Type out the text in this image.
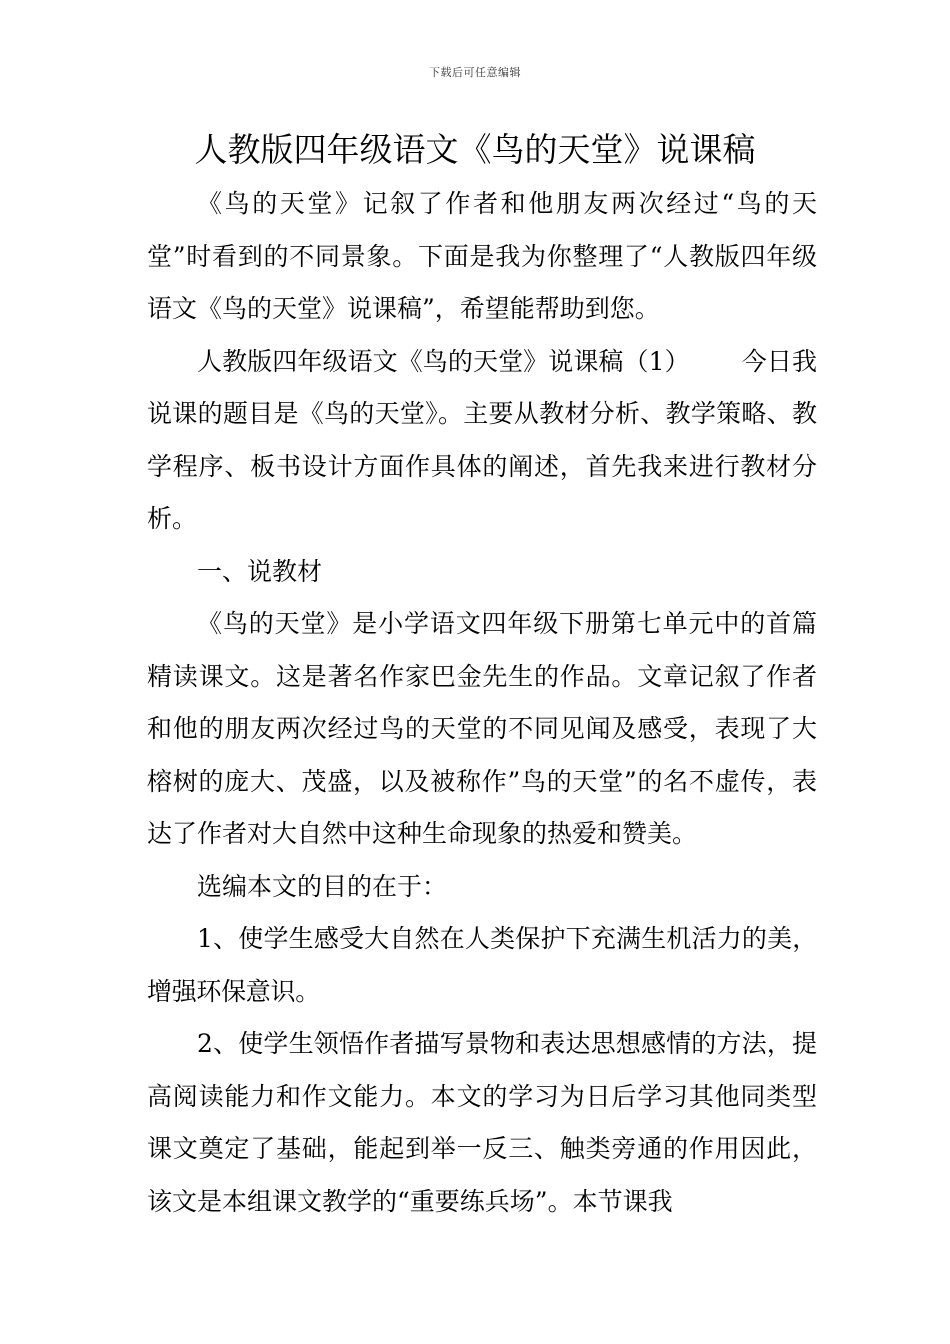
下载后可任意编辑
人教版四年级语文《鸟的天堂》说课稿

《鸟的天堂》记叙了作者和他朋友两次经过“鸟的天堂”时看到的不同景象。下面是我为你整理了“人教版四年级语文《鸟的天堂》说课稿”，希望能帮助到您。

人教版四年级语文《鸟的天堂》说课稿（1） 今日我说课的题目是《鸟的天堂》。主要从教材分析、教学策略、教学程序、板书设计方面作具体的阐述，首先我来进行教材分析。

一、说教材

《鸟的天堂》是小学语文四年级下册第七单元中的首篇精读课文。这是著名作家巴金先生的作品。文章记叙了作者和他的朋友两次经过鸟的天堂的不同见闻及感受，表现了大榕树的庞大、茂盛，以及被称作”鸟的天堂”的名不虚传，表达了作者对大自然中这种生命现象的热爱和赞美。

选编本文的目的在于：

1、使学生感受大自然在人类保护下充满生机活力的美，增强环保意识。

2、使学生领悟作者描写景物和表达思想感情的方法，提高阅读能力和作文能力。本文的学习为日后学习其他同类型课文奠定了基础，能起到举一反三、触类旁通的作用因此，该文是本组课文教学的“重要练兵场”。本节课我
